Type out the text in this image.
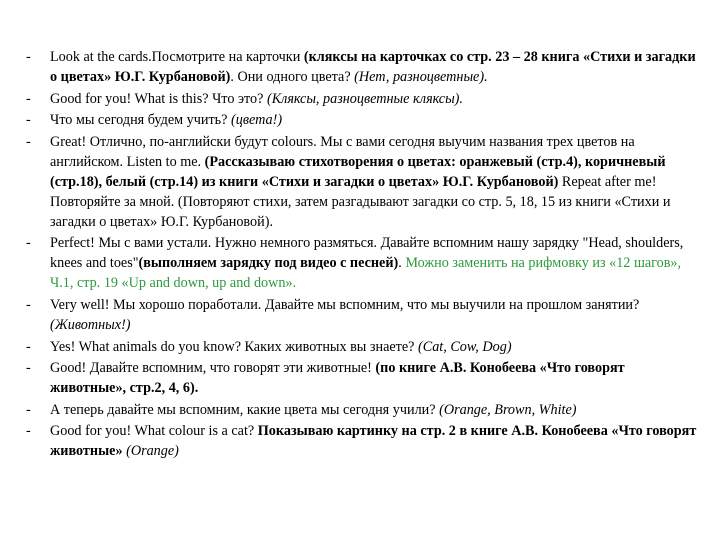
- Look at the cards.Посмотрите на карточки (кляксы на карточках со стр. 23 – 28 книга «Стихи и загадки о цветах» Ю.Г. Курбановой). Они одного цвета? (Нет, разноцветные).
- Good for you! What is this? Что это? (Кляксы, разноцветные кляксы).
- Что мы сегодня будем учить? (цвета!)
- Great! Отлично, по-английски будут colours. Мы с вами сегодня выучим названия трех цветов на английском. Listen to me. (Рассказываю стихотворения о цветах: оранжевый (стр.4), коричневый (стр.18), белый (стр.14) из книги «Стихи и загадки о цветах» Ю.Г. Курбановой) Repeat after me! Повторяйте за мной. (Повторяют стихи, затем разгадывают загадки со стр. 5, 18, 15 из книги «Стихи и загадки о цветах» Ю.Г. Курбановой).
- Perfect! Мы с вами устали. Нужно немного размяться. Давайте вспомним нашу зарядку "Head, shoulders, knees and toes"(выполняем зарядку под видео с песней). Можно заменить на рифмовку из «12 шагов», Ч.1, стр. 19 «Up and down, up and down».
- Very well! Мы хорошо поработали. Давайте мы вспомним, что мы выучили на прошлом занятии? (Животных!)
- Yes! What animals do you know? Каких животных вы знаете? (Cat, Cow, Dog)
- Good! Давайте вспомним, что говорят эти животные! (по книге А.В. Конобеева «Что говорят животные», стр.2, 4, 6).
- А теперь давайте мы вспомним, какие цвета мы сегодня учили? (Orange, Brown, White)
- Good for you! What colour is a cat? Показываю картинку на стр. 2 в книге А.В. Конобеева «Что говорят животные» (Orange)
